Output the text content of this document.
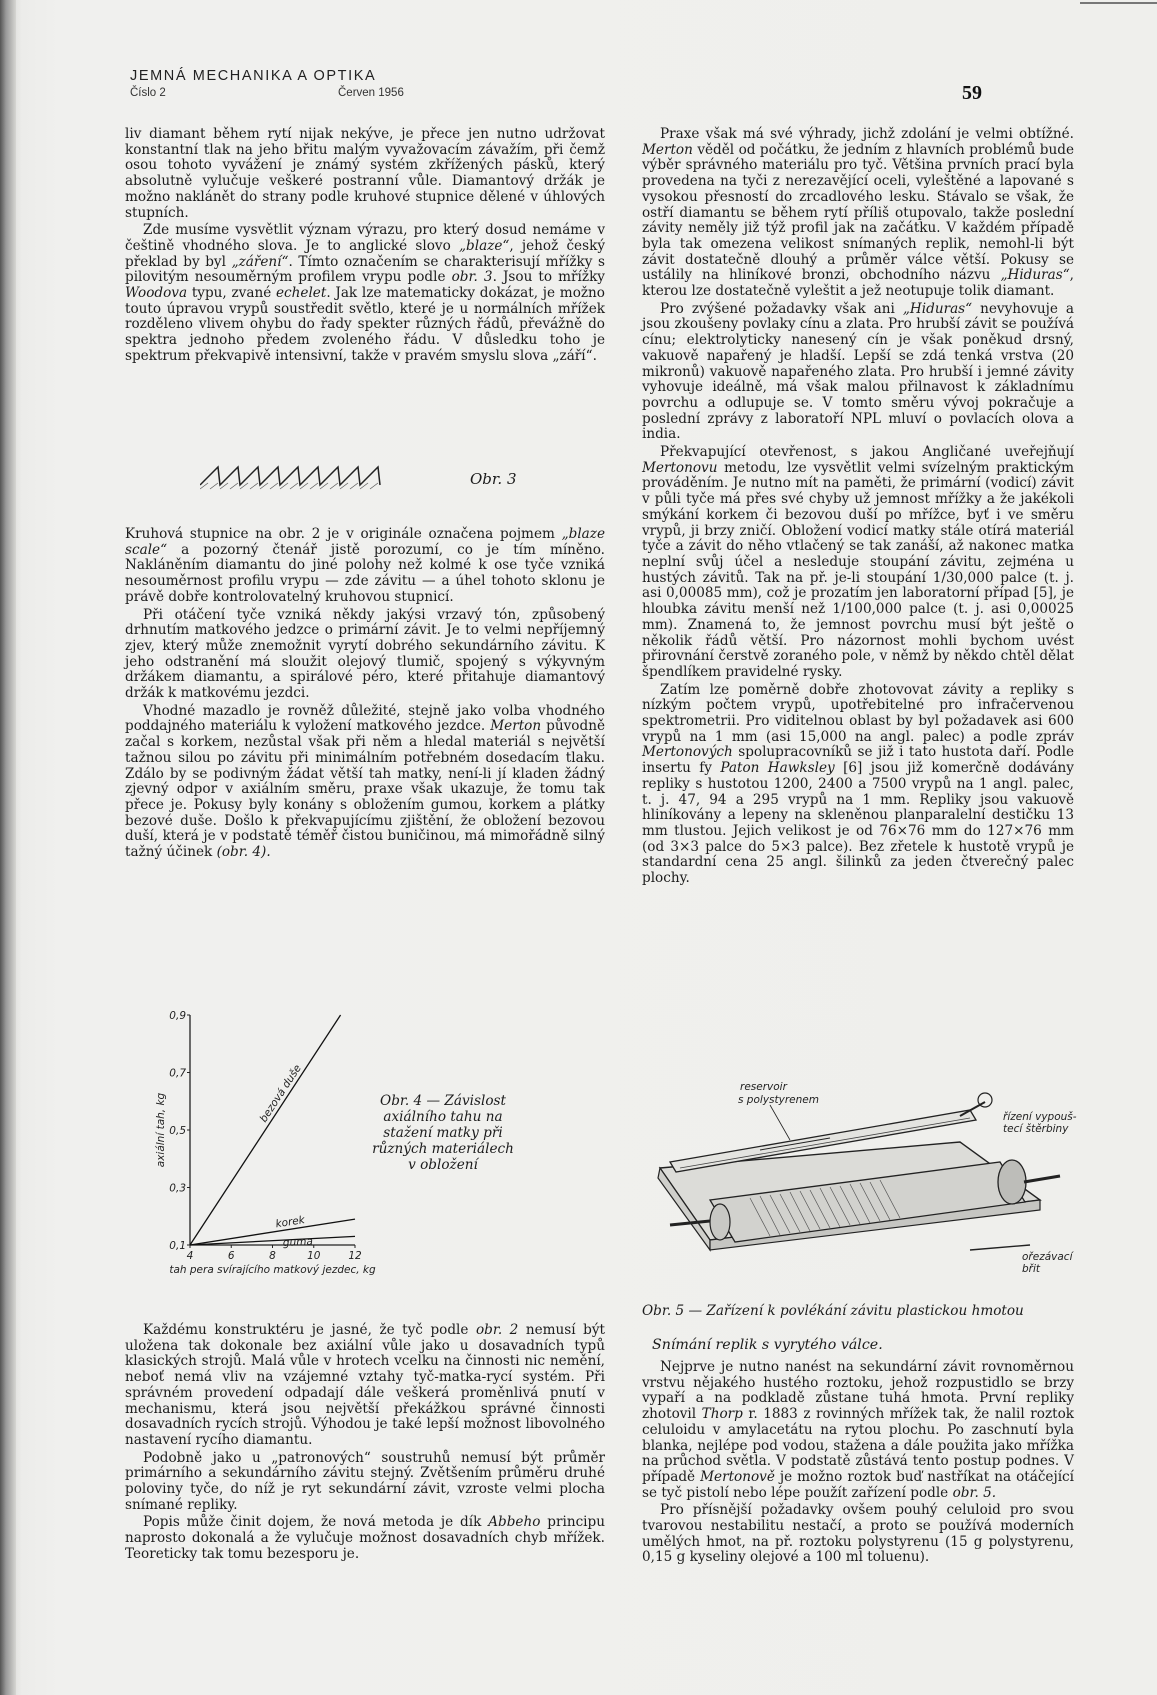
JEMNÁ MECHANIKA A OPTIKA
Číslo 2	Červen 1956	59

liv diamant během rytí nijak nekýve, je přece jen nutno udržovat konstantní tlak na jeho břitu malým vyvažovacím závažím, při čemž osou tohoto vyvážení je známý systém zkřížených pásků, který absolutně vylučuje veškeré postranní vůle. Diamantový držák je možno naklánět do strany podle kruhové stupnice dělené v úhlových stupních.

Zde musíme vysvětlit význam výrazu, pro který dosud nemáme v češtině vhodného slova. Je to anglické slovo „blaze“, jehož český překlad by byl „záření“. Tímto označením se charakterisují mřížky s pilovitým nesouměrným profilem vrypu podle obr. 3. Jsou to mřížky Woodova typu, zvané echelet. Jak lze matematicky dokázat, je možno touto úpravou vrypů soustředit světlo, které je u normálních mřížek rozděleno vlivem ohybu do řady spekter různých řádů, převážně do spektra jednoho předem zvoleného řádu. V důsledku toho je spektrum překvapivě intensivní, takže v pravém smyslu slova „září“.

Obr. 3

Kruhová stupnice na obr. 2 je v originále označena pojmem „blaze scale“ a pozorný čtenář jistě porozumí, co je tím míněno. Nakláněním diamantu do jiné polohy než kolmé k ose tyče vzniká nesouměrnost profilu vrypu — zde závitu — a úhel tohoto sklonu je právě dobře kontrolovatelný kruhovou stupnicí.

Při otáčení tyče vzniká někdy jakýsi vrzavý tón, způsobený drhnutím matkového jedzce o primární závit. Je to velmi nepříjemný zjev, který může znemožnit vyrytí dobrého sekundárního závitu. K jeho odstranění má sloužit olejový tlumič, spojený s výkyvným držákem diamantu, a spirálové péro, které přitahuje diamantový držák k matkovému jezdci.

Vhodné mazadlo je rovněž důležité, stejně jako volba vhodného poddajného materiálu k vyložení matkového jezdce. Merton původně začal s korkem, nezůstal však při něm a hledal materiál s největší tažnou silou po závitu při minimálním potřebném dosedacím tlaku. Zdálo by se podivným žádat větší tah matky, není-li jí kladen žádný zjevný odpor v axiálním směru, praxe však ukazuje, že tomu tak přece je. Pokusy byly konány s obložením gumou, korkem a plátky bezové duše. Došlo k překvapujícímu zjištění, že obložení bezovou duší, která je v podstatě téměř čistou buničinou, má mimořádně silný tažný účinek (obr. 4).

0,1
0,3
0,5
0,7
0,9
4	6	8	10	12
bezová duše
korek
guma
tah pera svírajícího matkový jezdec, kg
axiální tah, kg	Obr. 4 — Závislost axiálního tahu na stažení matky při různých materiálech v obložení

Každému konstruktéru je jasné, že tyč podle obr. 2 nemusí být uložena tak dokonale bez axiální vůle jako u dosavadních typů klasických strojů. Malá vůle v hrotech vcelku na činnosti nic nemění, neboť nemá vliv na vzájemné vztahy tyč-matka-rycí systém. Při správném provedení odpadají dále veškerá proměnlivá pnutí v mechanismu, která jsou největší překážkou správné činnosti dosavadních rycích strojů. Výhodou je také lepší možnost libovolného nastavení rycího diamantu.

Podobně jako u „patronových“ soustruhů nemusí být průměr primárního a sekundárního závitu stejný. Zvětšením průměru druhé poloviny tyče, do níž je ryt sekundární závit, vzroste velmi plocha snímané repliky.

Popis může činit dojem, že nová metoda je dík Abbeho principu naprosto dokonalá a že vylučuje možnost dosavadních chyb mřížek. Teoreticky tak tomu bezesporu je.

Praxe však má své výhrady, jichž zdolání je velmi obtížné. Merton věděl od počátku, že jedním z hlavních problémů bude výběr správného materiálu pro tyč. Většina prvních prací byla provedena na tyči z nerezavějící oceli, vyleštěné a lapované s vysokou přesností do zrcadlového lesku. Stávalo se však, že ostří diamantu se během rytí příliš otupovalo, takže poslední závity neměly již týž profil jak na začátku. V každém případě byla tak omezena velikost snímaných replik, nemohl-li být závit dostatečně dlouhý a průměr válce větší. Pokusy se ustálily na hliníkové bronzi, obchodního názvu „Hiduras“, kterou lze dostatečně vyleštit a jež neotupuje tolik diamant.

Pro zvýšené požadavky však ani „Hiduras“ nevyhovuje a jsou zkoušeny povlaky cínu a zlata. Pro hrubší závit se používá cínu; elektrolyticky nanesený cín je však poněkud drsný, vakuově napařený je hladší. Lepší se zdá tenká vrstva (20 mikronů) vakuově napařeného zlata. Pro hrubší i jemné závity vyhovuje ideálně, má však malou přilnavost k základnímu povrchu a odlupuje se. V tomto směru vývoj pokračuje a poslední zprávy z laboratoří NPL mluví o povlacích olova a india.

Překvapující otevřenost, s jakou Angličané uveřejňují Mertonovu metodu, lze vysvětlit velmi svízelným praktickým prováděním. Je nutno mít na paměti, že primární (vodicí) závit v půli tyče má přes své chyby už jemnost mřížky a že jakékoli smýkání korkem či bezovou duší po mřížce, byť i ve směru vrypů, ji brzy zničí. Obložení vodicí matky stále otírá materiál tyče a závit do něho vtlačený se tak zanáší, až nakonec matka neplní svůj účel a nesleduje stoupání závitu, zejména u hustých závitů. Tak na př. je-li stoupání 1/30,000 palce (t. j. asi 0,00085 mm), což je prozatím jen laboratorní případ [5], je hloubka závitu menší než 1/100,000 palce (t. j. asi 0,00025 mm). Znamená to, že jemnost povrchu musí být ještě o několik řádů větší. Pro názornost mohli bychom uvést přirovnání čerstvě zoraného pole, v němž by někdo chtěl dělat špendlíkem pravidelné rysky.

Zatím lze poměrně dobře zhotovovat závity a repliky s nízkým počtem vrypů, upotřebitelné pro infračervenou spektrometrii. Pro viditelnou oblast by byl požadavek asi 600 vrypů na 1 mm (asi 15,000 na angl. palec) a podle zpráv Mertonových spolupracovníků se již i tato hustota daří. Podle insertu fy Paton Hawksley [6] jsou již komerčně dodávány repliky s hustotou 1200, 2400 a 7500 vrypů na 1 angl. palec, t. j. 47, 94 a 295 vrypů na 1 mm. Repliky jsou vakuově hliníkovány a lepeny na skleněnou planparalelní destičku 13 mm tlustou. Jejich velikost je od 76×76 mm do 127×76 mm (od 3×3 palce do 5×3 palce). Bez zřetele k hustotě vrypů je standardní cena 25 angl. šilinků za jeden čtverečný palec plochy.

reservoir
s polystyrenem
řízení vypouš-
tecí štěrbiny
ořezávací
břit
Obr. 5 — Zařízení k povlékání závitu plastickou hmotou
Snímání replik s vyrytého válce.

Nejprve je nutno nanést na sekundární závit rovnoměrnou vrstvu nějakého hustého roztoku, jehož rozpustidlo se brzy vypaří a na podkladě zůstane tuhá hmota. První repliky zhotovil Thorp r. 1883 z rovinných mřížek tak, že nalil roztok celuloidu v amylacetátu na rytou plochu. Po zaschnutí byla blanka, nejlépe pod vodou, stažena a dále použita jako mřížka na průchod světla. V podstatě zůstává tento postup podnes. V případě Mertonově je možno roztok buď nastříkat na otáčející se tyč pistolí nebo lépe použít zařízení podle obr. 5.

Pro přísnější požadavky ovšem pouhý celuloid pro svou tvarovou nestabilitu nestačí, a proto se používá moderních umělých hmot, na př. roztoku polystyrenu (15 g polystyrenu, 0,15 g kyseliny olejové a 100 ml toluenu).
